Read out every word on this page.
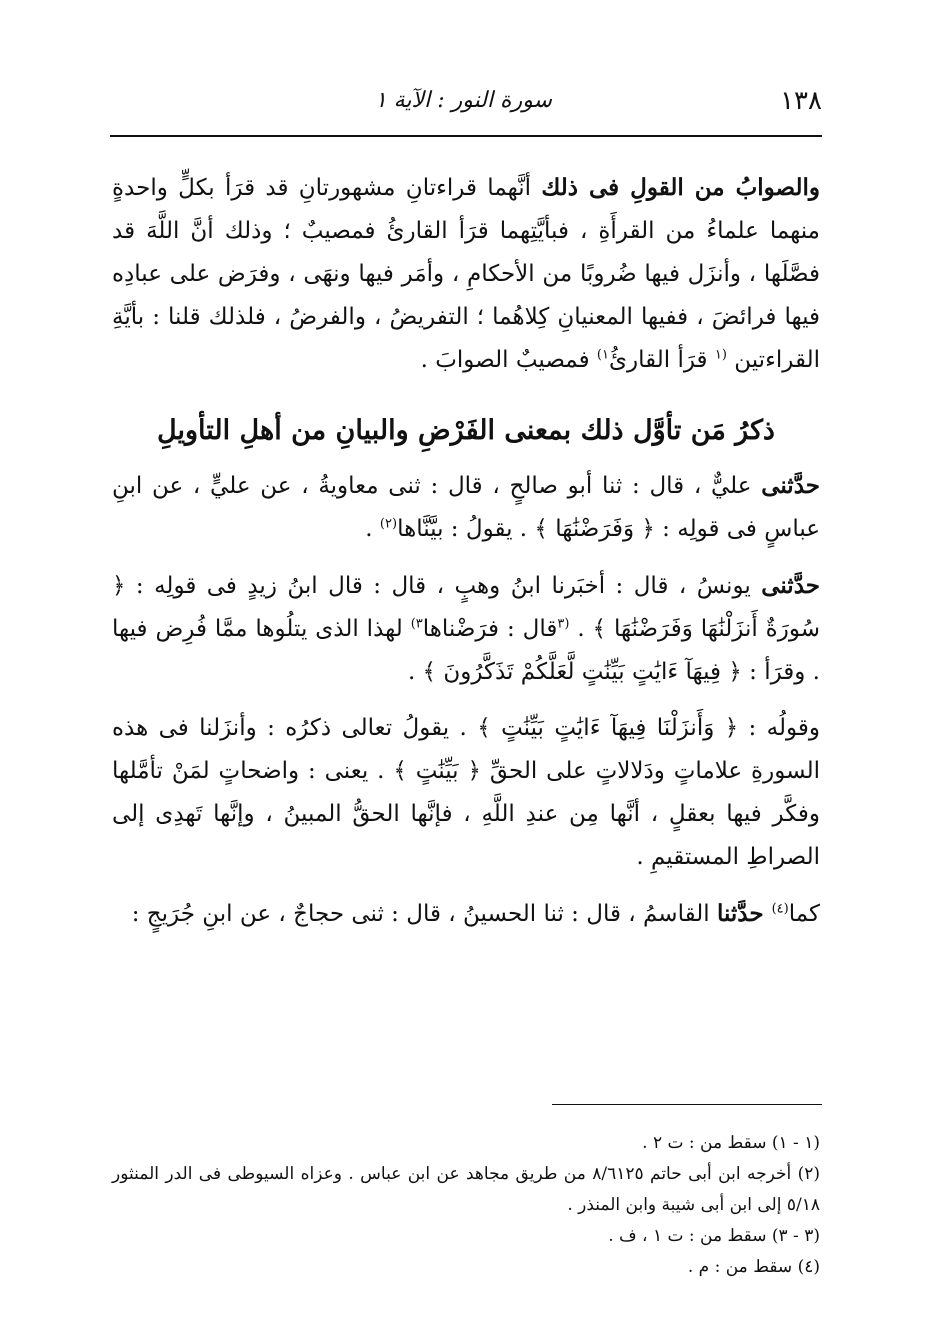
١٣٨
سورة النور : الآية ١

والصوابُ من القولِ فى ذلك أنَّهما قراءتانِ مشهورتانِ قد قرَأ بكلٍّ واحدةٍ منهما علماءُ من القرأَةِ ، فبأيَّتِهما قرَأ القارئُ فمصيبٌ ؛ وذلك أنَّ اللَّهَ قد فصَّلَها ، وأنزَل فيها ضُروبًا من الأحكامِ ، وأمَر فيها ونهَى ، وفرَض على عبادِه فيها فرائضَ ، ففيها المعنيانِ كِلاهُما ؛ التفريضُ ، والفرضُ ، فلذلك قلنا : بأيَّةِ القراءتين $^{(١}$ قرَأ القارئُ$^{١)}$ فمصيبٌ الصوابَ .

ذكرُ مَن تأوَّل ذلك بمعنى الفَرْضِ والبيانِ من أهلِ التأويلِ

حدَّثنى عليٌّ ، قال : ثنا أبو صالحٍ ، قال : ثنى معاويةُ ، عن عليٍّ ، عن ابنِ عباسٍ فى قولِه : ﴿ وَفَرَضْنَٰهَا ﴾ . يقولُ : بيَّنَّاها$^{(٢)}$ .

حدَّثنى يونسُ ، قال : أخبَرنا ابنُ وهبٍ ، قال : قال ابنُ زيدٍ فى قولِه : ﴿ سُورَةٌ أَنزَلْنَٰهَا وَفَرَضْنَٰهَا ﴾ . $^{(٣}$قال : فرَضْناها$^{٣)}$ لهذا الذى يتلُوها ممَّا فُرِض فيها . وقرَأ : ﴿ فِيهَآ ءَايَٰتٍ بَيِّنَٰتٍ لَّعَلَّكُمْ تَذَكَّرُونَ ﴾ .

وقولُه : ﴿ وَأَنزَلْنَا فِيهَآ ءَايَٰتٍ بَيِّنَٰتٍ ﴾ . يقولُ تعالى ذكرُه : وأنزَلنا فى هذه السورةِ علاماتٍ ودَلالاتٍ على الحقِّ ﴿ بَيِّنَٰتٍ ﴾ . يعنى : واضحاتٍ لمَنْ تأمَّلها وفكَّر فيها بعقلٍ ، أنَّها مِن عندِ اللَّهِ ، فإنَّها الحقُّ المبينُ ، وإنَّها تَهدِى إلى الصراطِ المستقيمِ .

كما$^{(٤)}$ حدَّثنا القاسمُ ، قال : ثنا الحسينُ ، قال : ثنى حجاجٌ ، عن ابنِ جُرَيجٍ :

(١ - ١) سقط من : ت ٢ .

(٢) أخرجه ابن أبى حاتم ٨/٦١٢٥ من طريق مجاهد عن ابن عباس . وعزاه السيوطى فى الدر المنثور ٥/١٨ إلى ابن أبى شيبة وابن المنذر .

(٣ - ٣) سقط من : ت ١ ، ف .

(٤) سقط من : م .
